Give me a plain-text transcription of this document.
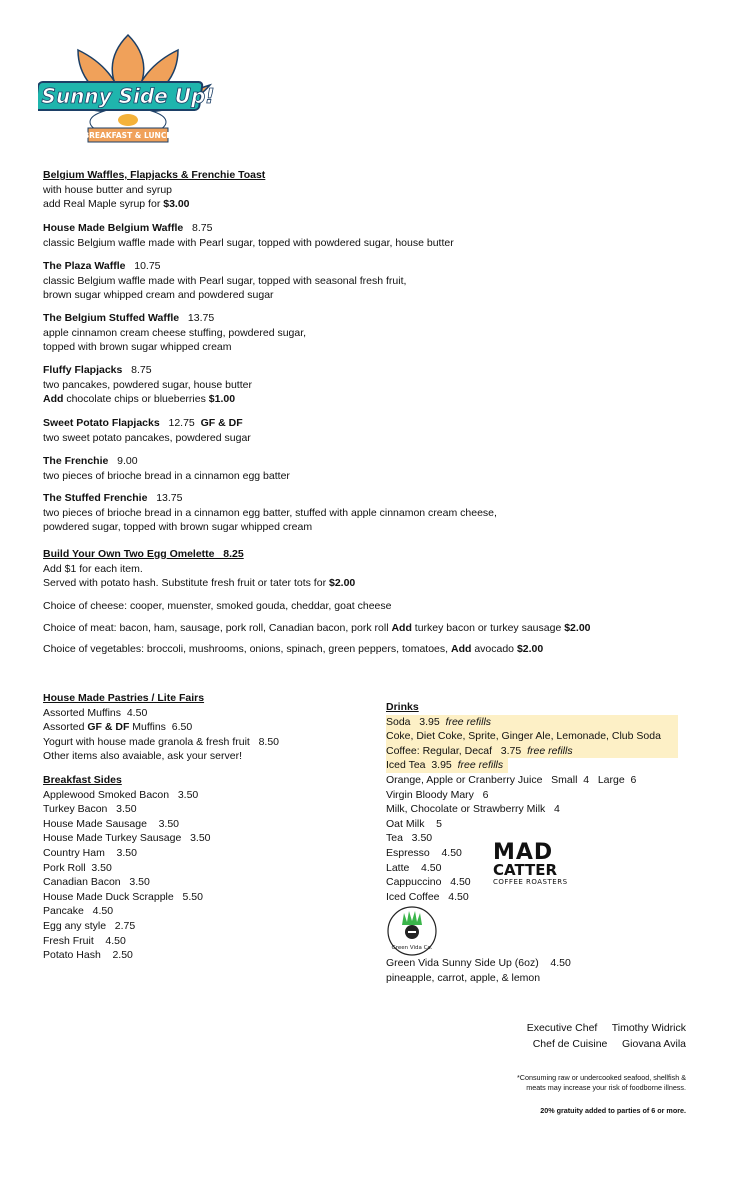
Sunny Side Up!
BREAKFAST & LUNCH
Belgium Waffles, Flapjacks & Frenchie Toast
with house butter and syrup
add Real Maple syrup for $3.00
House Made Belgium Waffle 8.75
classic Belgium waffle made with Pearl sugar, topped with powdered sugar, house butter
The Plaza Waffle 10.75
classic Belgium waffle made with Pearl sugar, topped with seasonal fresh fruit,
brown sugar whipped cream and powdered sugar
The Belgium Stuffed Waffle 13.75
apple cinnamon cream cheese stuffing, powdered sugar,
topped with brown sugar whipped cream
Fluffy Flapjacks 8.75
two pancakes, powdered sugar, house butter
Add chocolate chips or blueberries $1.00
Sweet Potato Flapjacks 12.75 GF & DF
two sweet potato pancakes, powdered sugar
The Frenchie 9.00
two pieces of brioche bread in a cinnamon egg batter
The Stuffed Frenchie 13.75
two pieces of brioche bread in a cinnamon egg batter, stuffed with apple cinnamon cream cheese,
powdered sugar, topped with brown sugar whipped cream
Build Your Own Two Egg Omelette   8.25
Add $1 for each item.
Served with potato hash. Substitute fresh fruit or tater tots for $2.00
Choice of cheese: cooper, muenster, smoked gouda, cheddar, goat cheese
Choice of meat: bacon, ham, sausage, pork roll, Canadian bacon, pork roll Add turkey bacon or turkey sausage $2.00
Choice of vegetables: broccoli, mushrooms, onions, spinach, green peppers, tomatoes, Add avocado $2.00
House Made Pastries / Lite Fairs
Assorted Muffins  4.50
Assorted GF & DF Muffins  6.50
Yogurt with house made granola & fresh fruit   8.50
Other items also avaiable, ask your server!
Breakfast Sides
Applewood Smoked Bacon   3.50
Turkey Bacon   3.50
House Made Sausage    3.50
House Made Turkey Sausage   3.50
Country Ham    3.50
Pork Roll  3.50
Canadian Bacon   3.50
House Made Duck Scrapple   5.50
Pancake   4.50
Egg any style   2.75
Fresh Fruit    4.50
Potato Hash    2.50
Drinks
Soda   3.95  free refills
Coke, Diet Coke, Sprite, Ginger Ale, Lemonade, Club Soda
Coffee: Regular, Decaf   3.75  free refills
Iced Tea  3.95  free refills
Orange, Apple or Cranberry Juice   Small  4   Large  6
Virgin Bloody Mary   6
Milk, Chocolate or Strawberry Milk   4
Oat Milk    5
Tea   3.50
Espresso    4.50
Latte    4.50
Cappuccino   4.50
Iced Coffee   4.50
MAD
CATTER
COFFEE ROASTERS
Green Vida Co.
Green Vida Sunny Side Up (6oz)    4.50
pineapple, carrot, apple, & lemon
Executive Chef     Timothy Widrick
Chef de Cuisine     Giovana Avila
*Consuming raw or undercooked seafood, shellfish &
meats may increase your risk of foodborne illness.
20% gratuity added to parties of 6 or more.
